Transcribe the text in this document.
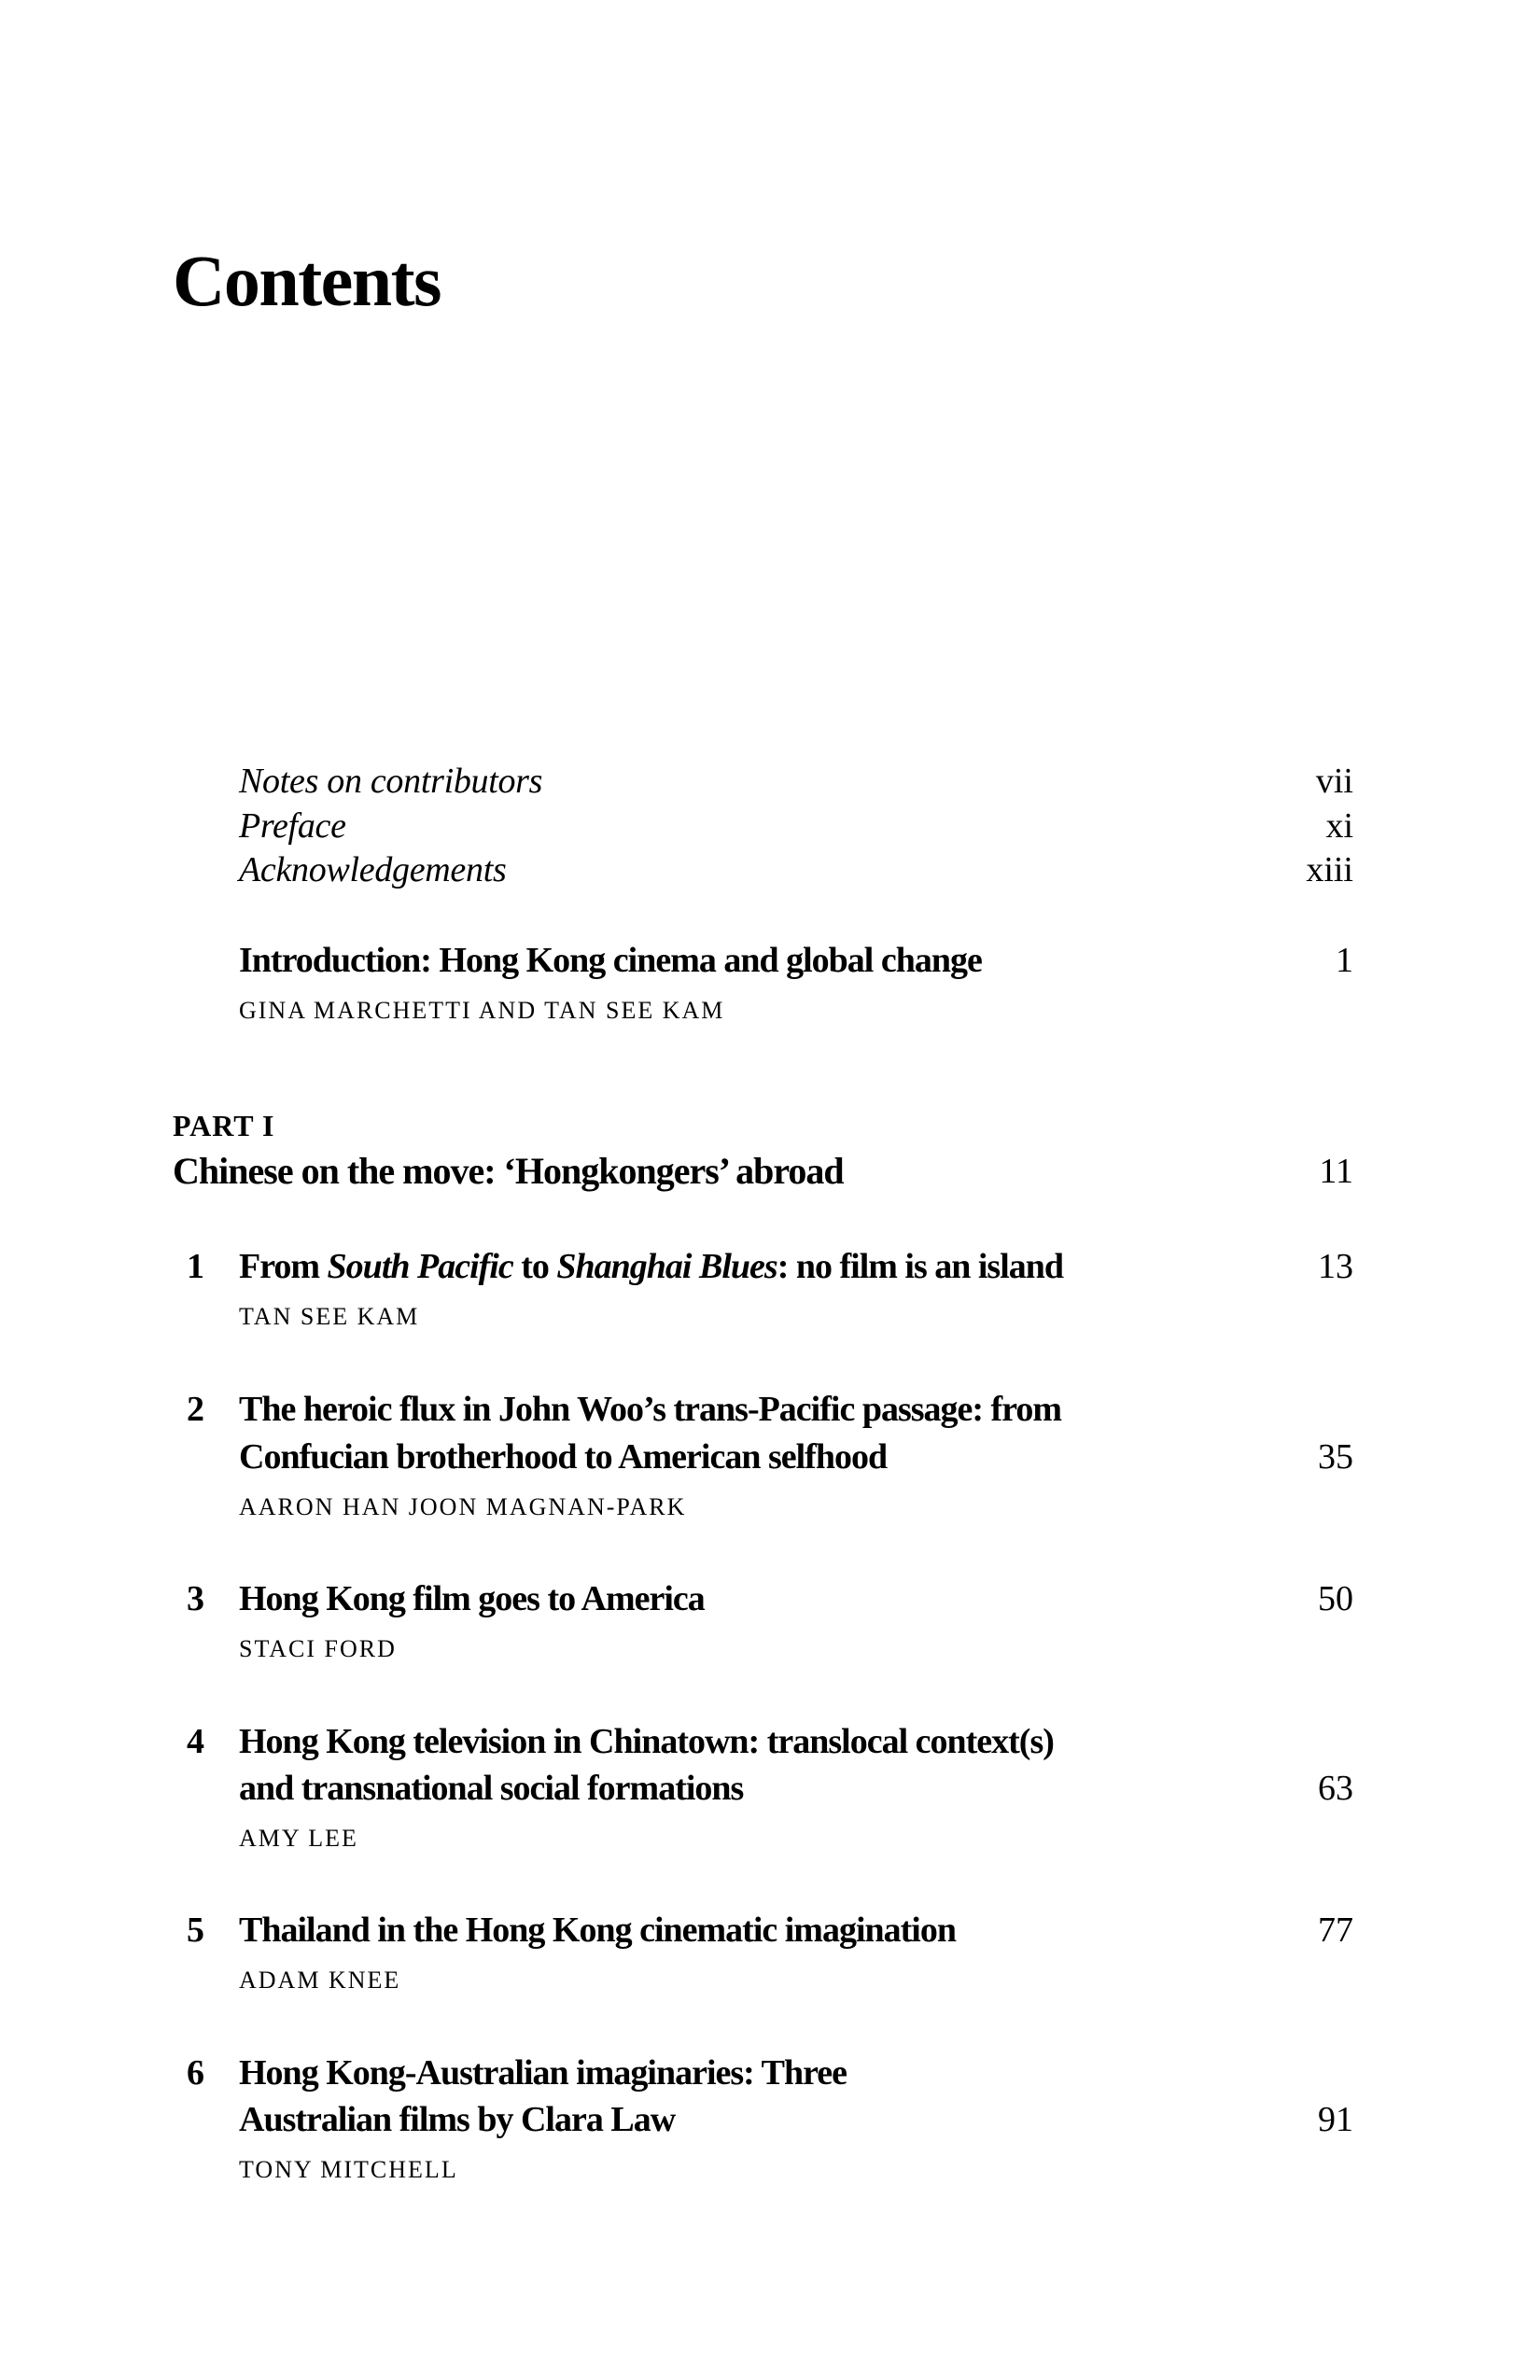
Contents
Notes on contributors	vii
Preface	xi
Acknowledgements	xiii
Introduction: Hong Kong cinema and global change	1
GINA MARCHETTI AND TAN SEE KAM
PART I
Chinese on the move: ‘Hongkongers’ abroad	11
1 From South Pacific to Shanghai Blues: no film is an island	13
TAN SEE KAM
2 The heroic flux in John Woo’s trans-Pacific passage: from
Confucian brotherhood to American selfhood	35
AARON HAN JOON MAGNAN-PARK
3 Hong Kong film goes to America	50
STACI FORD
4 Hong Kong television in Chinatown: translocal context(s)
and transnational social formations	63
AMY LEE
5 Thailand in the Hong Kong cinematic imagination	77
ADAM KNEE
6 Hong Kong-Australian imaginaries: Three
Australian films by Clara Law	91
TONY MITCHELL
